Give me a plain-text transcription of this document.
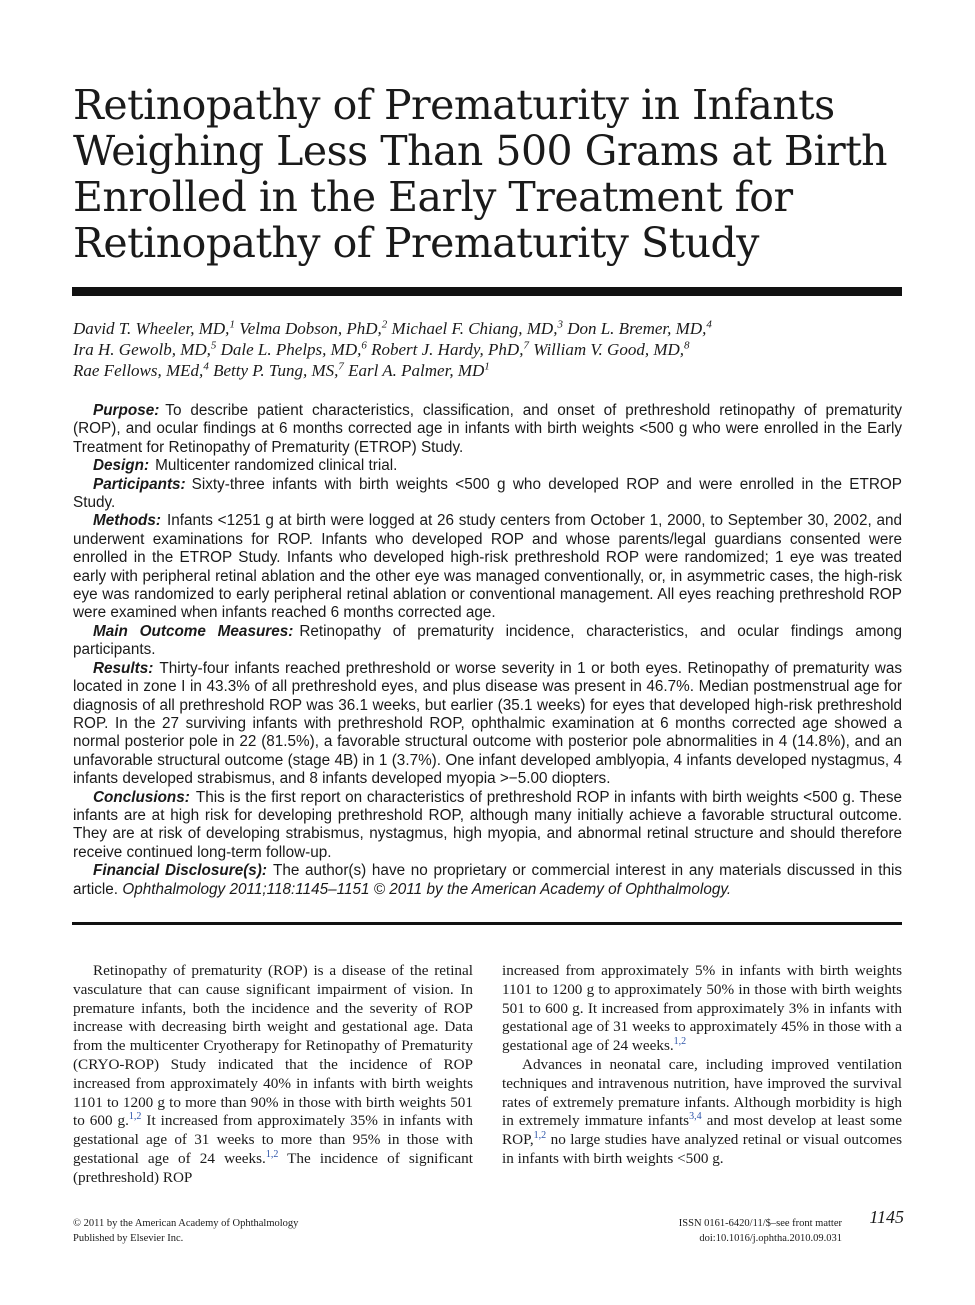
Retinopathy of Prematurity in Infants
Weighing Less Than 500 Grams at Birth
Enrolled in the Early Treatment for
Retinopathy of Prematurity Study
David T. Wheeler, MD,$^1$ Velma Dobson, PhD,$^2$ Michael F. Chiang, MD,$^3$ Don L. Bremer, MD,$^4$
Ira H. Gewolb, MD,$^5$ Dale L. Phelps, MD,$^6$ Robert J. Hardy, PhD,$^7$ William V. Good, MD,$^8$
Rae Fellows, MEd,$^4$ Betty P. Tung, MS,$^7$ Earl A. Palmer, $MD^1$

Purpose: To describe patient characteristics, classification, and onset of prethreshold retinopathy of prematurity (ROP), and ocular findings at 6 months corrected age in infants with birth weights <500 g who were enrolled in the Early Treatment for Retinopathy of Prematurity (ETROP) Study.

Design: Multicenter randomized clinical trial.

Participants: Sixty-three infants with birth weights <500 g who developed ROP and were enrolled in the ETROP Study.

Methods: Infants <1251 g at birth were logged at 26 study centers from October 1, 2000, to September 30, 2002, and underwent examinations for ROP. Infants who developed ROP and whose parents/legal guardians consented were enrolled in the ETROP Study. Infants who developed high-risk prethreshold ROP were randomized; 1 eye was treated early with peripheral retinal ablation and the other eye was managed conventionally, or, in asymmetric cases, the high-risk eye was randomized to early peripheral retinal ablation or conventional management. All eyes reaching prethreshold ROP were examined when infants reached 6 months corrected age.

Main Outcome Measures: Retinopathy of prematurity incidence, characteristics, and ocular findings among participants.

Results: Thirty-four infants reached prethreshold or worse severity in 1 or both eyes. Retinopathy of prematurity was located in zone I in 43.3% of all prethreshold eyes, and plus disease was present in 46.7%. Median postmenstrual age for diagnosis of all prethreshold ROP was 36.1 weeks, but earlier (35.1 weeks) for eyes that developed high-risk prethreshold ROP. In the 27 surviving infants with prethreshold ROP, ophthalmic examination at 6 months corrected age showed a normal posterior pole in 22 (81.5%), a favorable structural outcome with posterior pole abnormalities in 4 (14.8%), and an unfavorable structural outcome (stage 4B) in 1 (3.7%). One infant developed amblyopia, 4 infants developed nystagmus, 4 infants developed strabismus, and 8 infants developed myopia >−5.00 diopters.

Conclusions: This is the first report on characteristics of prethreshold ROP in infants with birth weights <500 g. These infants are at high risk for developing prethreshold ROP, although many initially achieve a favorable structural outcome. They are at risk of developing strabismus, nystagmus, high myopia, and abnormal retinal structure and should therefore receive continued long-term follow-up.

Financial Disclosure(s): The author(s) have no proprietary or commercial interest in any materials discussed in this article. Ophthalmology 2011;118:1145–1151 © 2011 by the American Academy of Ophthalmology.

Retinopathy of prematurity (ROP) is a disease of the retinal vasculature that can cause significant impairment of vision. In premature infants, both the incidence and the severity of ROP increase with decreasing birth weight and gestational age. Data from the multicenter Cryotherapy for Retinopathy of Prematurity (CRYO-ROP) Study indicated that the incidence of ROP increased from approximately 40% in infants with birth weights 1101 to 1200 g to more than 90% in those with birth weights 501 to 600 g.$^{1,2}$ It increased from approximately 35% in infants with gestational age of 31 weeks to more than 95% in those with gestational age of 24 weeks.$^{1,2}$ The incidence of significant (prethreshold) ROP

increased from approximately 5% in infants with birth weights 1101 to 1200 g to approximately 50% in those with birth weights 501 to 600 g. It increased from approximately 3% in infants with gestational age of 31 weeks to approximately 45% in those with a gestational age of 24 weeks.$^{1,2}$

Advances in neonatal care, including improved ventilation techniques and intravenous nutrition, have improved the survival rates of extremely premature infants. Although morbidity is high in extremely immature infants$^{3,4}$ and most develop at least some ROP,$^{1,2}$ no large studies have analyzed retinal or visual outcomes in infants with birth weights <500 g.

© 2011 by the American Academy of Ophthalmology
Published by Elsevier Inc.
ISSN 0161-6420/11/$–see front matter
doi:10.1016/j.ophtha.2010.09.031
1145
